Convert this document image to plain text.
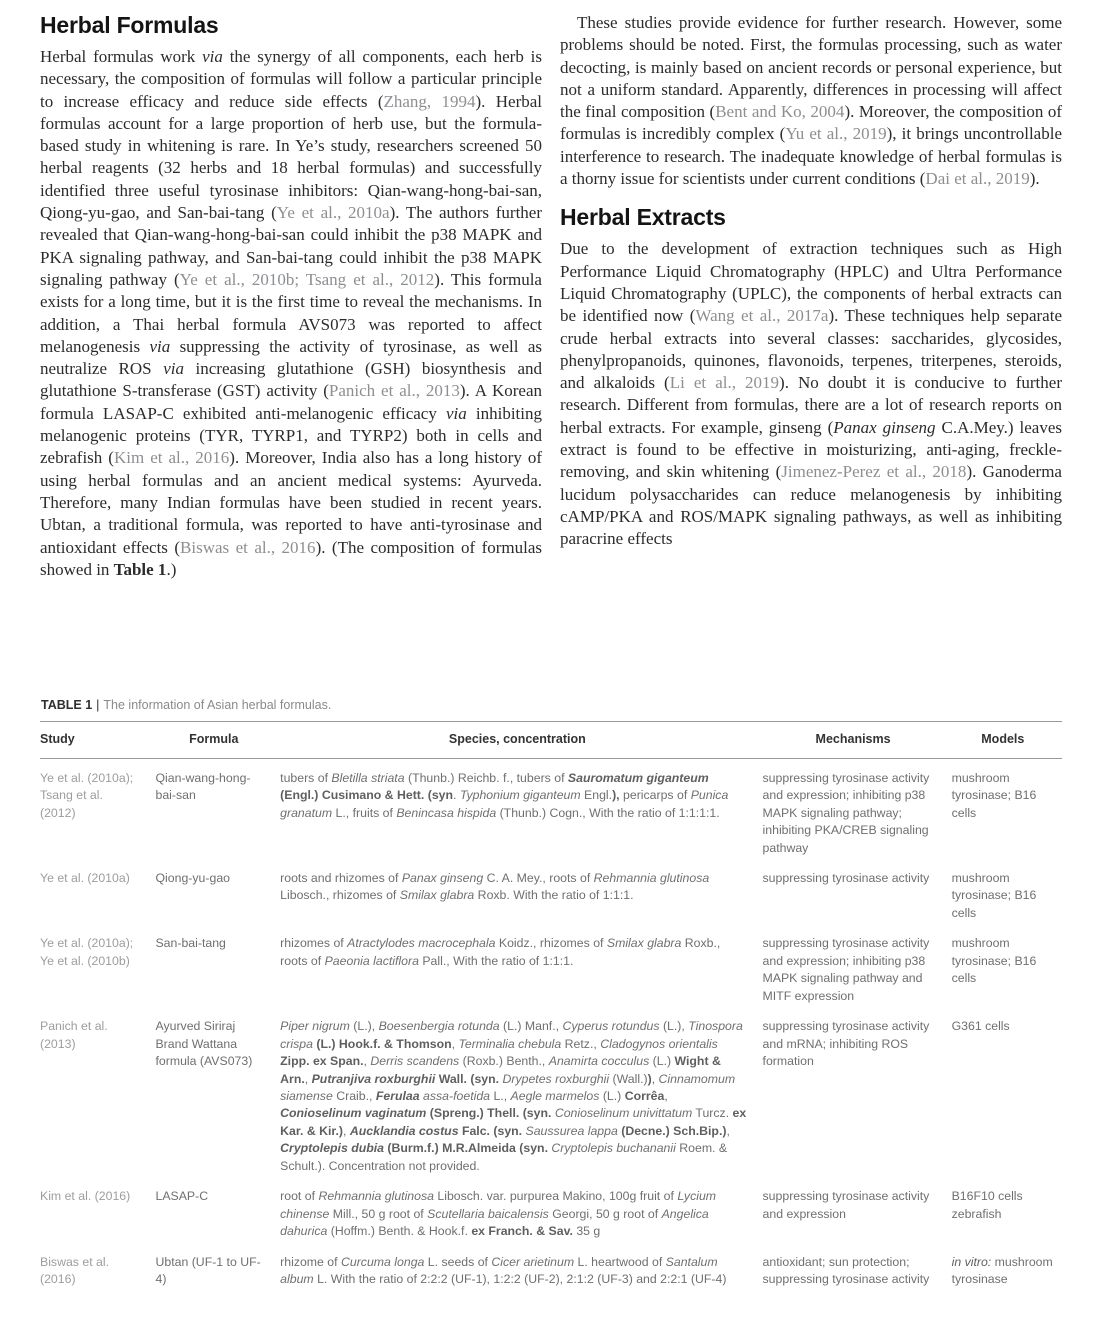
Herbal Formulas

Herbal formulas work via the synergy of all components, each herb is necessary, the composition of formulas will follow a particular principle to increase efficacy and reduce side effects (Zhang, 1994). Herbal formulas account for a large proportion of herb use, but the formula-based study in whitening is rare. In Ye’s study, researchers screened 50 herbal reagents (32 herbs and 18 herbal formulas) and successfully identified three useful tyrosinase inhibitors: Qian-wang-hong-bai-san, Qiong-yu-gao, and San-bai-tang (Ye et al., 2010a). The authors further revealed that Qian-wang-hong-bai-san could inhibit the p38 MAPK and PKA signaling pathway, and San-bai-tang could inhibit the p38 MAPK signaling pathway (Ye et al., 2010b; Tsang et al., 2012). This formula exists for a long time, but it is the first time to reveal the mechanisms. In addition, a Thai herbal formula AVS073 was reported to affect melanogenesis via suppressing the activity of tyrosinase, as well as neutralize ROS via increasing glutathione (GSH) biosynthesis and glutathione S-transferase (GST) activity (Panich et al., 2013). A Korean formula LASAP-C exhibited anti-melanogenic efficacy via inhibiting melanogenic proteins (TYR, TYRP1, and TYRP2) both in cells and zebrafish (Kim et al., 2016). Moreover, India also has a long history of using herbal formulas and an ancient medical systems: Ayurveda. Therefore, many Indian formulas have been studied in recent years. Ubtan, a traditional formula, was reported to have anti-tyrosinase and antioxidant effects (Biswas et al., 2016). (The composition of formulas showed in Table 1.)

These studies provide evidence for further research. However, some problems should be noted. First, the formulas processing, such as water decocting, is mainly based on ancient records or personal experience, but not a uniform standard. Apparently, differences in processing will affect the final composition (Bent and Ko, 2004). Moreover, the composition of formulas is incredibly complex (Yu et al., 2019), it brings uncontrollable interference to research. The inadequate knowledge of herbal formulas is a thorny issue for scientists under current conditions (Dai et al., 2019).

Herbal Extracts

Due to the development of extraction techniques such as High Performance Liquid Chromatography (HPLC) and Ultra Performance Liquid Chromatography (UPLC), the components of herbal extracts can be identified now (Wang et al., 2017a). These techniques help separate crude herbal extracts into several classes: saccharides, glycosides, phenylpropanoids, quinones, flavonoids, terpenes, triterpenes, steroids, and alkaloids (Li et al., 2019). No doubt it is conducive to further research. Different from formulas, there are a lot of research reports on herbal extracts. For example, ginseng (Panax ginseng C.A.Mey.) leaves extract is found to be effective in moisturizing, anti-aging, freckle-removing, and skin whitening (Jimenez-Perez et al., 2018). Ganoderma lucidum polysaccharides can reduce melanogenesis by inhibiting cAMP/PKA and ROS/MAPK signaling pathways, as well as inhibiting paracrine effects

TABLE 1 | The information of Asian herbal formulas.

Study	Formula	Species, concentration	Mechanisms	Models
Ye et al. (2010a); Tsang et al. (2012)	Qian-wang-hong-bai-san	tubers of Bletilla striata (Thunb.) Reichb. f., tubers of Sauromatum giganteum (Engl.) Cusimano & Hett. (syn. Typhonium giganteum Engl.), pericarps of Punica granatum L., fruits of Benincasa hispida (Thunb.) Cogn., With the ratio of 1:1:1:1.	suppressing tyrosinase activity and expression; inhibiting p38 MAPK signaling pathway; inhibiting PKA/CREB signaling pathway	mushroom tyrosinase; B16 cells
Ye et al. (2010a)	Qiong-yu-gao	roots and rhizomes of Panax ginseng C. A. Mey., roots of Rehmannia glutinosa Libosch., rhizomes of Smilax glabra Roxb. With the ratio of 1:1:1.	suppressing tyrosinase activity	mushroom tyrosinase; B16 cells
Ye et al. (2010a); Ye et al. (2010b)	San-bai-tang	rhizomes of Atractylodes macrocephala Koidz., rhizomes of Smilax glabra Roxb., roots of Paeonia lactiflora Pall., With the ratio of 1:1:1.	suppressing tyrosinase activity and expression; inhibiting p38 MAPK signaling pathway and MITF expression	mushroom tyrosinase; B16 cells
Panich et al. (2013)	Ayurved Siriraj Brand Wattana formula (AVS073)	Piper nigrum (L.), Boesenbergia rotunda (L.) Manf., Cyperus rotundus (L.), Tinospora crispa (L.) Hook.f. & Thomson, Terminalia chebula Retz., Cladogynos orientalis Zipp. ex Span., Derris scandens (Roxb.) Benth., Anamirta cocculus (L.) Wight & Arn., Putranjiva roxburghii Wall. (syn. Drypetes roxburghii (Wall.)), Cinnamomum siamense Craib., Ferulaa assa-foetida L., Aegle marmelos (L.) Corrêa, Conioselinum vaginatum (Spreng.) Thell. (syn. Conioselinum univittatum Turcz. ex Kar. & Kir.), Aucklandia costus Falc. (syn. Saussurea lappa (Decne.) Sch.Bip.), Cryptolepis dubia (Burm.f.) M.R.Almeida (syn. Cryptolepis buchananii Roem. & Schult.). Concentration not provided.	suppressing tyrosinase activity and mRNA; inhibiting ROS formation	G361 cells
Kim et al. (2016)	LASAP-C	root of Rehmannia glutinosa Libosch. var. purpurea Makino, 100g fruit of Lycium chinense Mill., 50 g root of Scutellaria baicalensis Georgi, 50 g root of Angelica dahurica (Hoffm.) Benth. & Hook.f. ex Franch. & Sav. 35 g	suppressing tyrosinase activity and expression	B16F10 cells zebrafish
Biswas et al. (2016)	Ubtan (UF-1 to UF-4)	rhizome of Curcuma longa L. seeds of Cicer arietinum L. heartwood of Santalum album L. With the ratio of 2:2:2 (UF-1), 1:2:2 (UF-2), 2:1:2 (UF-3) and 2:2:1 (UF-4)	antioxidant; sun protection; suppressing tyrosinase activity	in vitro: mushroom tyrosinase
